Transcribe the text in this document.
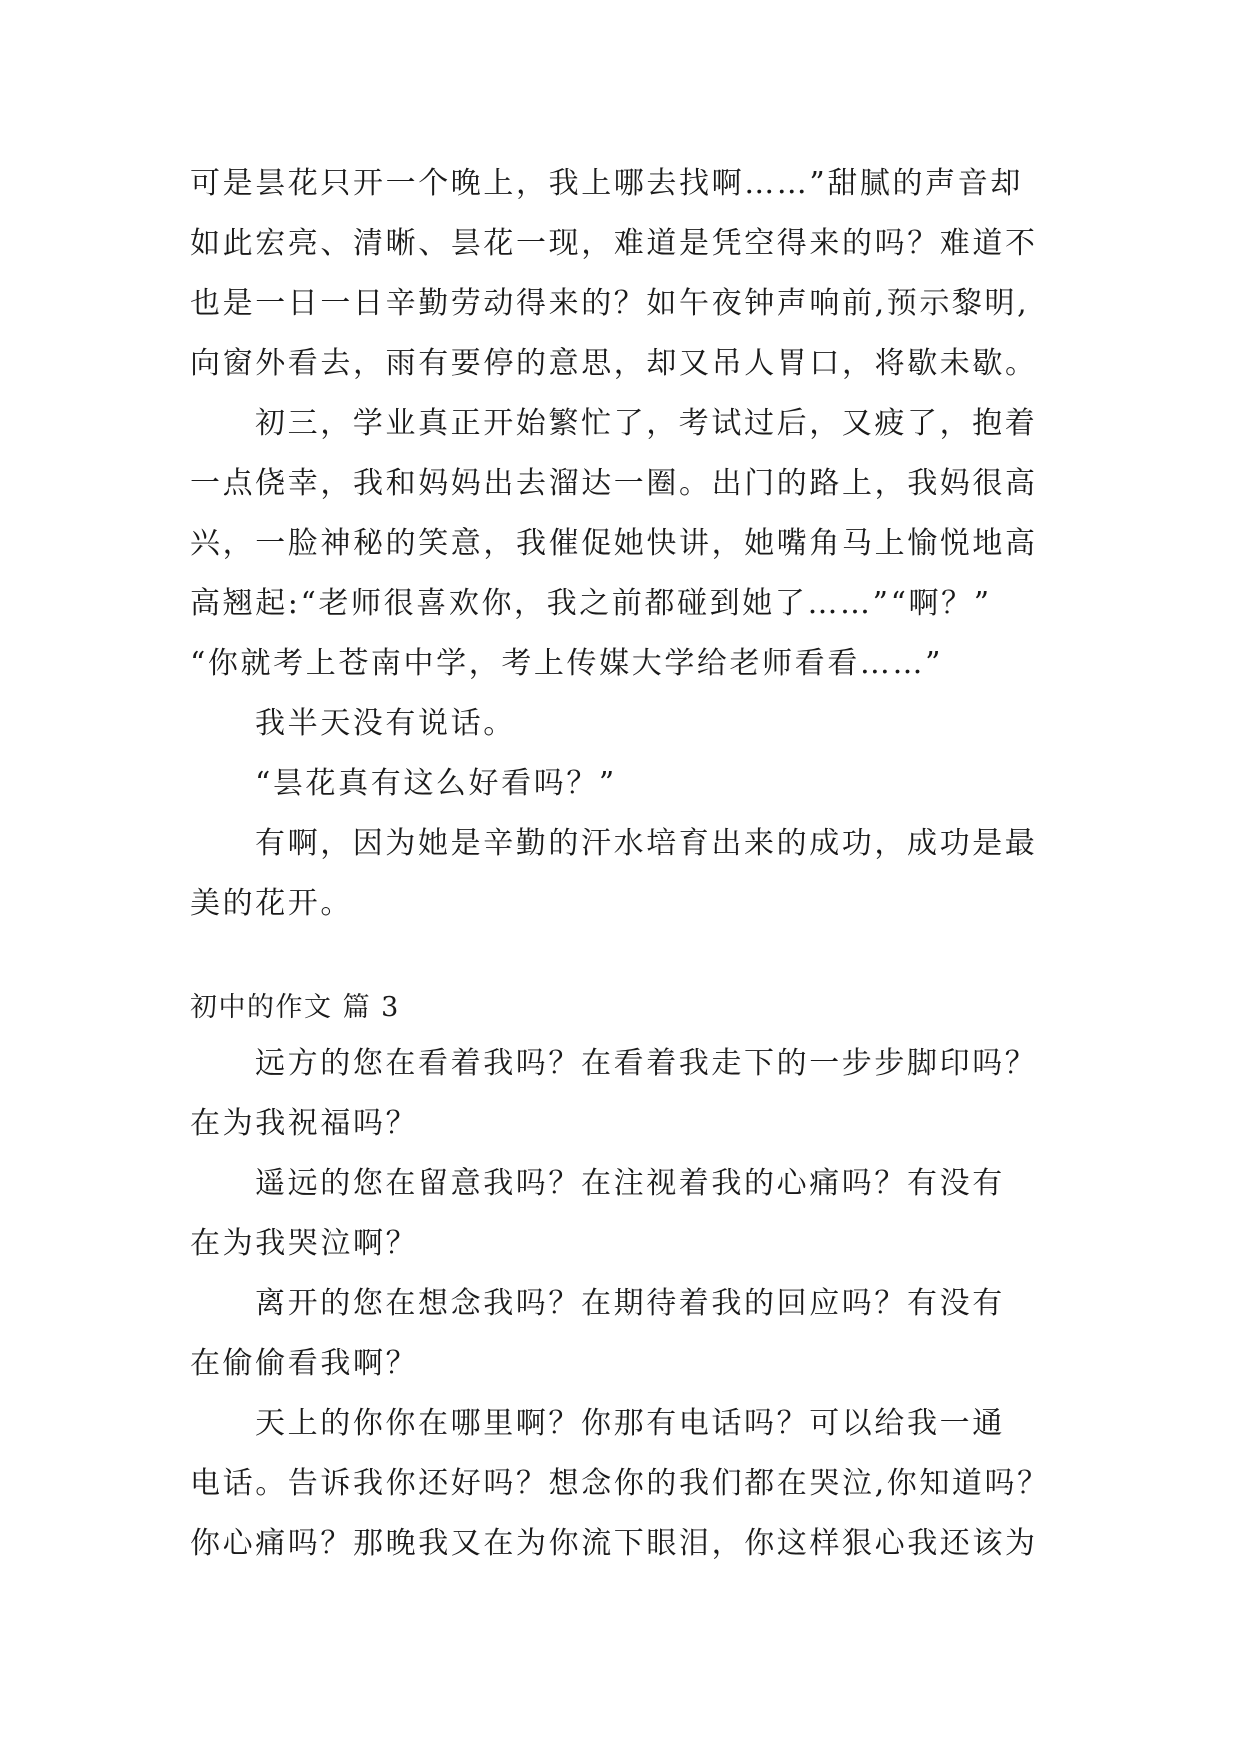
可是昙花只开一个晚上，我上哪去找啊……”甜腻的声音却
如此宏亮、清晰、昙花一现，难道是凭空得来的吗？难道不
也是一日一日辛勤劳动得来的？如午夜钟声响前,预示黎明,
向窗外看去，雨有要停的意思，却又吊人胃口，将歇未歇。
初三，学业真正开始繁忙了，考试过后，又疲了，抱着
一点侥幸，我和妈妈出去溜达一圈。出门的路上，我妈很高
兴，一脸神秘的笑意，我催促她快讲，她嘴角马上愉悦地高
高翘起:“老师很喜欢你，我之前都碰到她了……”“啊？”
“你就考上苍南中学，考上传媒大学给老师看看……”
我半天没有说话。
“昙花真有这么好看吗？”
有啊，因为她是辛勤的汗水培育出来的成功，成功是最
美的花开。
初中的作文 篇 3
远方的您在看着我吗？在看着我走下的一步步脚印吗？
在为我祝福吗？
遥远的您在留意我吗？在注视着我的心痛吗？有没有
在为我哭泣啊？
离开的您在想念我吗？在期待着我的回应吗？有没有
在偷偷看我啊？
天上的你你在哪里啊？你那有电话吗？可以给我一通
电话。告诉我你还好吗？想念你的我们都在哭泣,你知道吗？
你心痛吗？那晚我又在为你流下眼泪，你这样狠心我还该为
